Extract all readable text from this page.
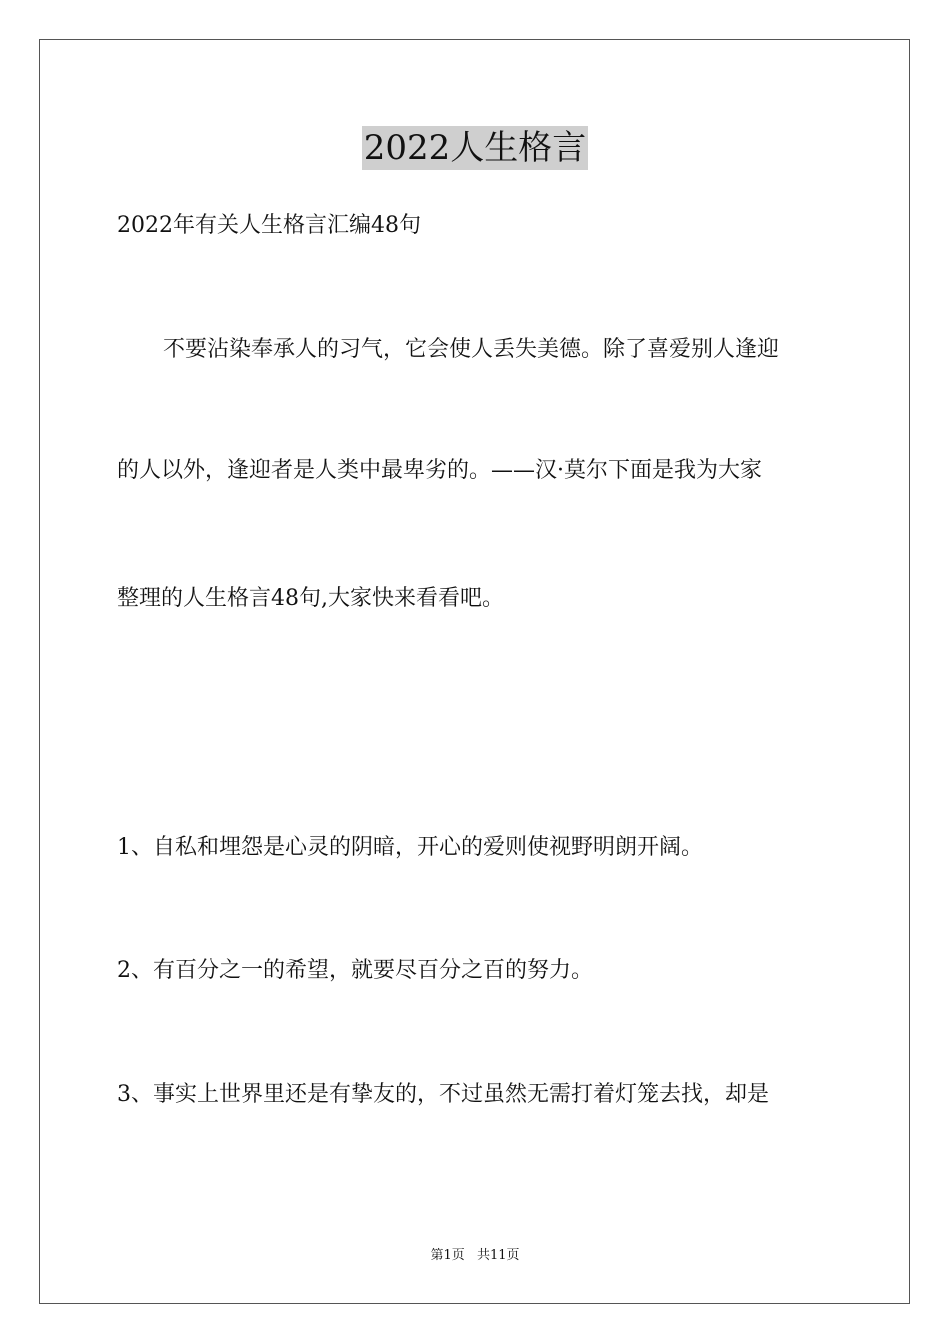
2022人生格言
2022年有关人生格言汇编48句
不要沾染奉承人的习气，它会使人丢失美德。除了喜爱别人逢迎
的人以外，逢迎者是人类中最卑劣的。——汉·莫尔下面是我为大家
整理的人生格言48句,大家快来看看吧。
1、自私和埋怨是心灵的阴暗，开心的爱则使视野明朗开阔。
2、有百分之一的希望，就要尽百分之百的努力。
3、事实上世界里还是有挚友的，不过虽然无需打着灯笼去找，却是
第1页 共11页
